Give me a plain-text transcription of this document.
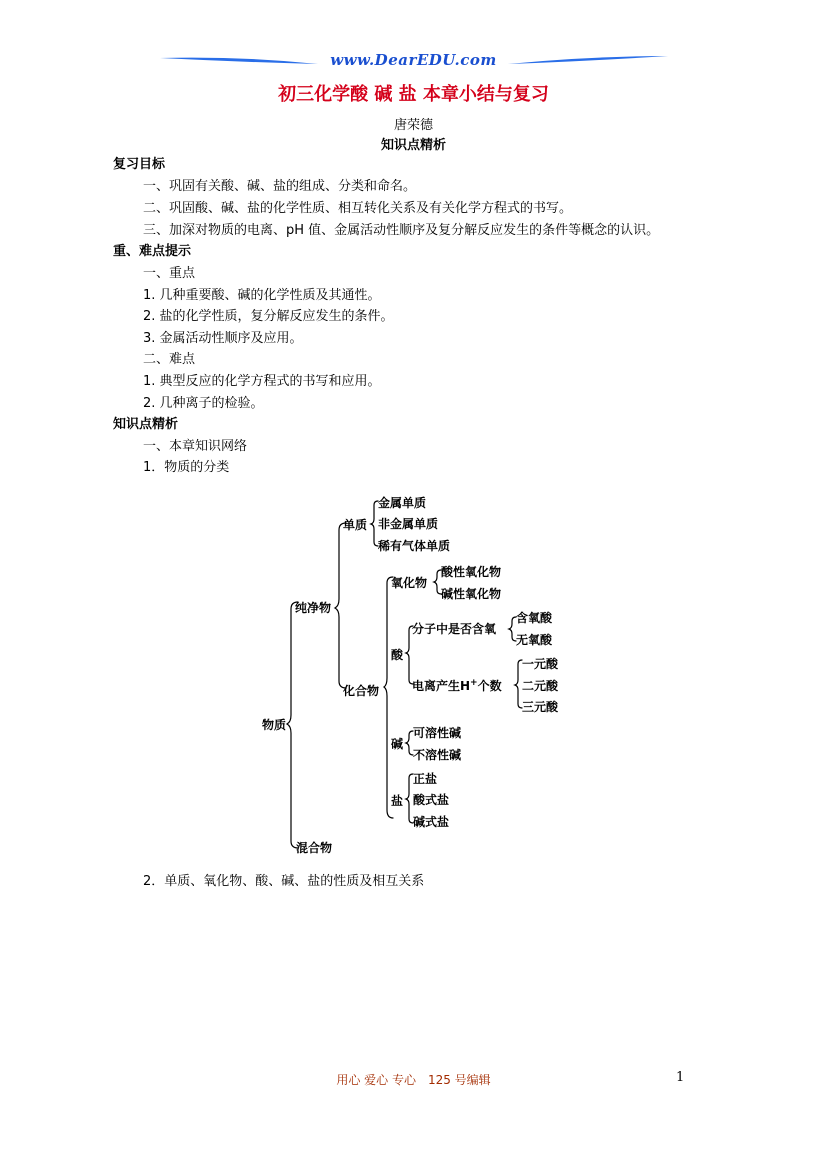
www.DearEDU.com
初三化学酸 碱 盐 本章小结与复习
唐荣德
知识点精析
复习目标
一、巩固有关酸、碱、盐的组成、分类和命名。
二、巩固酸、碱、盐的化学性质、相互转化关系及有关化学方程式的书写。
三、加深对物质的电离、pH 值、金属活动性顺序及复分解反应发生的条件等概念的认识。
重、难点提示
一、重点
1. 几种重要酸、碱的化学性质及其通性。
2. 盐的化学性质，复分解反应发生的条件。
3. 金属活动性顺序及应用。
二、难点
1. 典型反应的化学方程式的书写和应用。
2. 几种离子的检验。
知识点精析
一、本章知识网络
1．物质的分类
物质
纯净物
混合物
单质
金属单质
非金属单质
稀有气体单质
化合物
氧化物
酸性氧化物
碱性氧化物
酸
分子中是否含氧
含氧酸
无氧酸
电离产生H+个数
一元酸
二元酸
三元酸
碱
可溶性碱
不溶性碱
盐
正盐
酸式盐
碱式盐
2．单质、氧化物、酸、碱、盐的性质及相互关系
用心 爱心 专心　125 号编辑	1
